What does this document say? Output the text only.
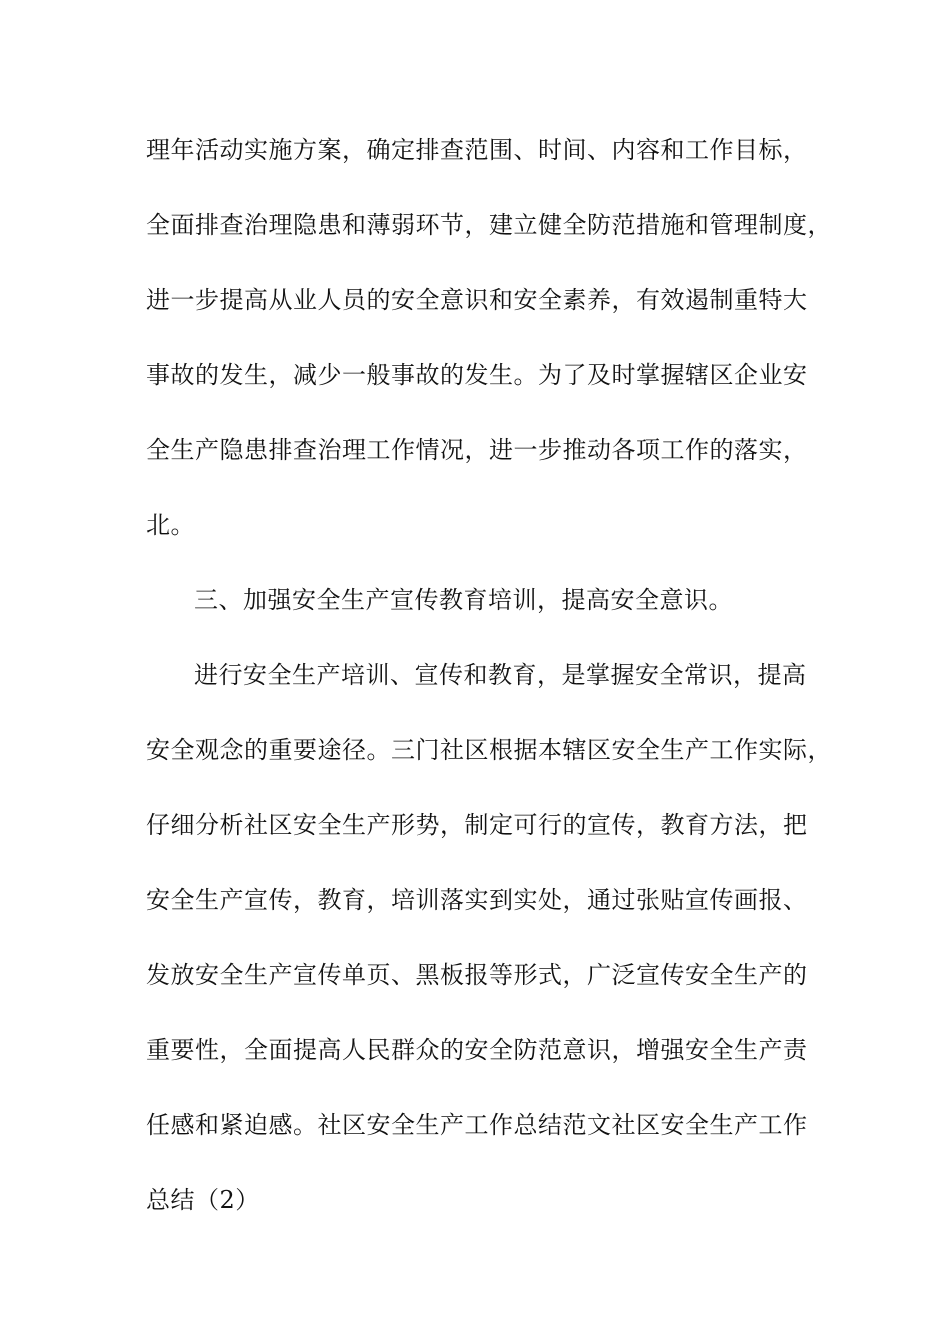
理年活动实施方案，确定排查范围、时间、内容和工作目标，

全面排查治理隐患和薄弱环节，建立健全防范措施和管理制度，

进一步提高从业人员的安全意识和安全素养，有效遏制重特大

事故的发生，减少一般事故的发生。为了及时掌握辖区企业安

全生产隐患排查治理工作情况，进一步推动各项工作的落实，

北。

三、加强安全生产宣传教育培训，提高安全意识。

进行安全生产培训、宣传和教育，是掌握安全常识，提高

安全观念的重要途径。三门社区根据本辖区安全生产工作实际，

仔细分析社区安全生产形势，制定可行的宣传，教育方法，把

安全生产宣传，教育，培训落实到实处，通过张贴宣传画报、

发放安全生产宣传单页、黑板报等形式，广泛宣传安全生产的

重要性，全面提高人民群众的安全防范意识，增强安全生产责

任感和紧迫感。社区安全生产工作总结范文社区安全生产工作

总结（2）
